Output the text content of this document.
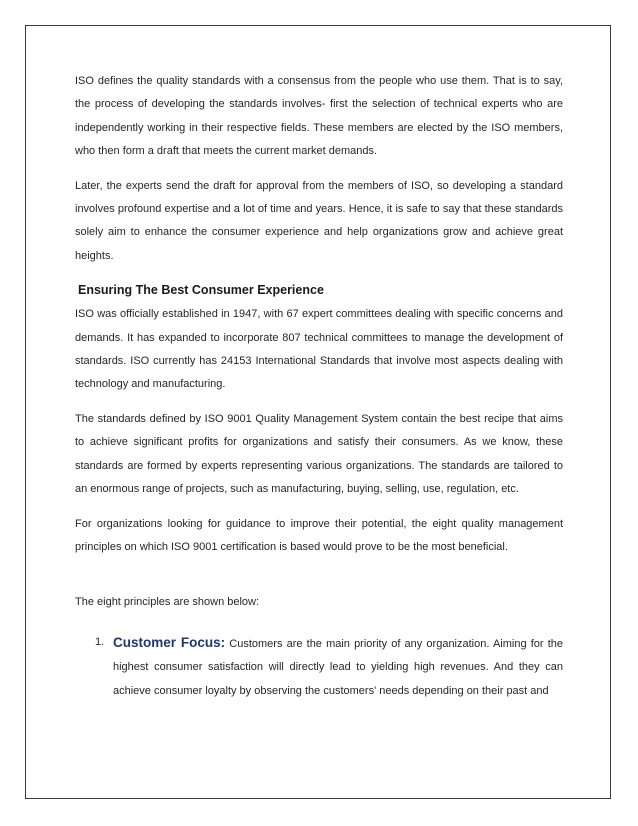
ISO defines the quality standards with a consensus from the people who use them. That is to say, the process of developing the standards involves- first the selection of technical experts who are independently working in their respective fields. These members are elected by the ISO members, who then form a draft that meets the current market demands.

Later, the experts send the draft for approval from the members of ISO, so developing a standard involves profound expertise and a lot of time and years. Hence, it is safe to say that these standards solely aim to enhance the consumer experience and help organizations grow and achieve great heights.

Ensuring The Best Consumer Experience

ISO was officially established in 1947, with 67 expert committees dealing with specific concerns and demands. It has expanded to incorporate 807 technical committees to manage the development of standards. ISO currently has 24153 International Standards that involve most aspects dealing with technology and manufacturing.

The standards defined by ISO 9001 Quality Management System contain the best recipe that aims to achieve significant profits for organizations and satisfy their consumers. As we know, these standards are formed by experts representing various organizations. The standards are tailored to an enormous range of projects, such as manufacturing, buying, selling, use, regulation, etc.

For organizations looking for guidance to improve their potential, the eight quality management principles on which ISO 9001 certification is based would prove to be the most beneficial.

The eight principles are shown below:

1. Customer Focus: Customers are the main priority of any organization. Aiming for the highest consumer satisfaction will directly lead to yielding high revenues. And they can achieve consumer loyalty by observing the customers' needs depending on their past and
